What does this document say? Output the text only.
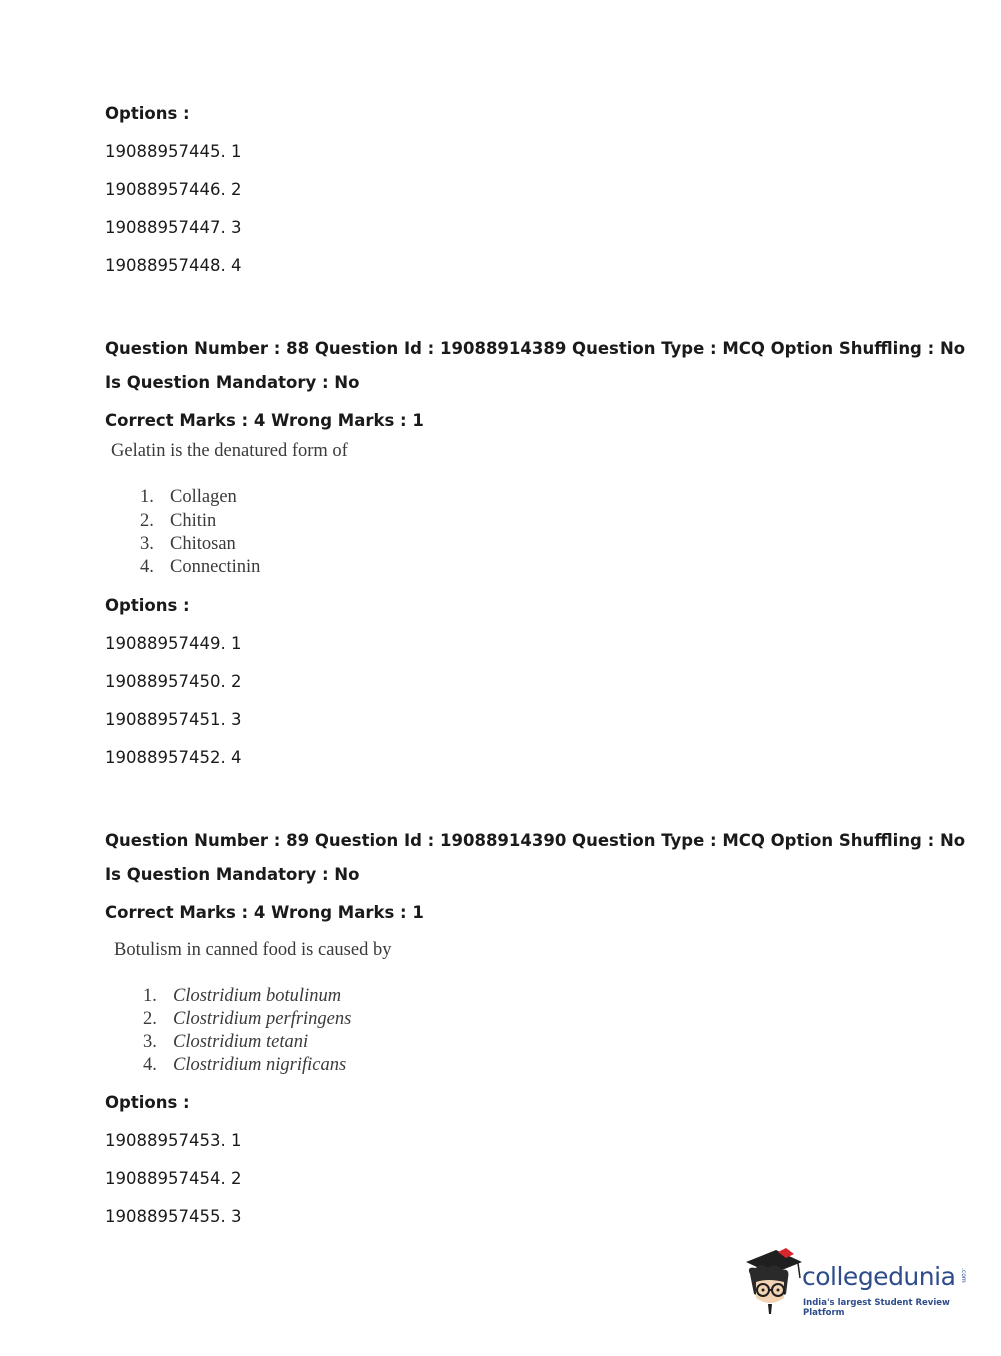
Options :
19088957445. 1
19088957446. 2
19088957447. 3
19088957448. 4
Question Number : 88 Question Id : 19088914389 Question Type : MCQ Option Shuffling : No
Is Question Mandatory : No
Correct Marks : 4 Wrong Marks : 1
Gelatin is the denatured form of
1. Collagen
2. Chitin
3. Chitosan
4. Connectinin
Options :
19088957449. 1
19088957450. 2
19088957451. 3
19088957452. 4
Question Number : 89 Question Id : 19088914390 Question Type : MCQ Option Shuffling : No
Is Question Mandatory : No
Correct Marks : 4 Wrong Marks : 1
Botulism in canned food is caused by
1. Clostridium botulinum
2. Clostridium perfringens
3. Clostridium tetani
4. Clostridium nigrificans
Options :
19088957453. 1
19088957454. 2
19088957455. 3
collegedunia .com
India's largest Student Review Platform
